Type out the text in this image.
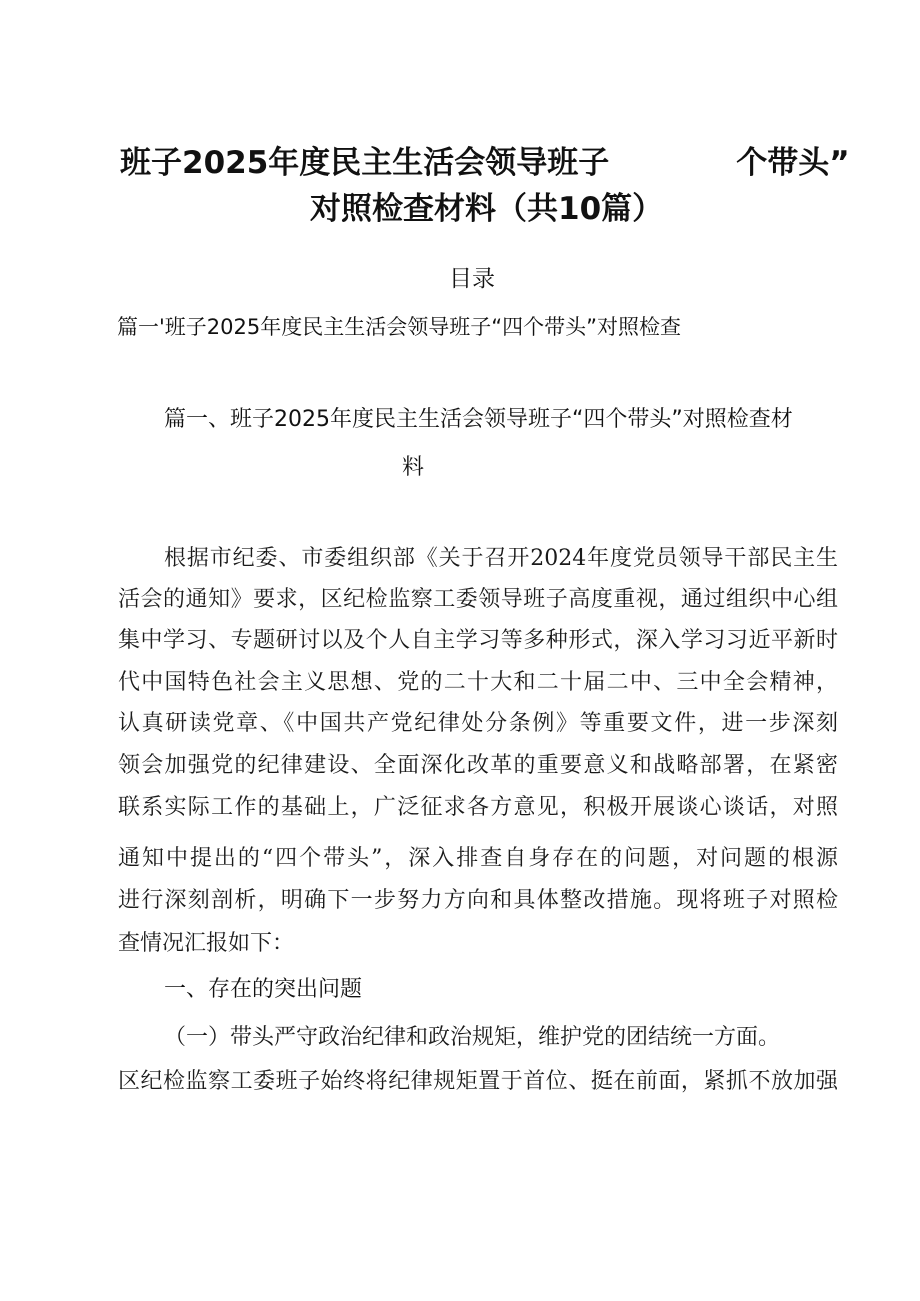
班子2025年度民主生活会领导班子	个带头”
对照检查材料（共10篇）
目录
篇一'班子2025年度民主生活会领导班子“四个带头”对照检查
篇一、班子2025年度民主生活会领导班子“四个带头”对照检查材
料
根据市纪委、市委组织部《关于召开2024年度党员领导干部民主生
活会的通知》要求，区纪检监察工委领导班子高度重视，通过组织中心组
集中学习、专题研讨以及个人自主学习等多种形式，深入学习习近平新时
代中国特色社会主义思想、党的二十大和二十届二中、三中全会精神，
认真研读党章、《中国共产党纪律处分条例》等重要文件，进一步深刻
领会加强党的纪律建设、全面深化改革的重要意义和战略部署，在紧密
联系实际工作的基础上，广泛征求各方意见，积极开展谈心谈话，对照
通知中提出的“四个带头”，深入排查自身存在的问题，对问题的根源
进行深刻剖析，明确下一步努力方向和具体整改措施。现将班子对照检
查情况汇报如下：
一、存在的突出问题
（一）带头严守政治纪律和政治规矩，维护党的团结统一方面。
区纪检监察工委班子始终将纪律规矩置于首位、挺在前面，紧抓不放加强
